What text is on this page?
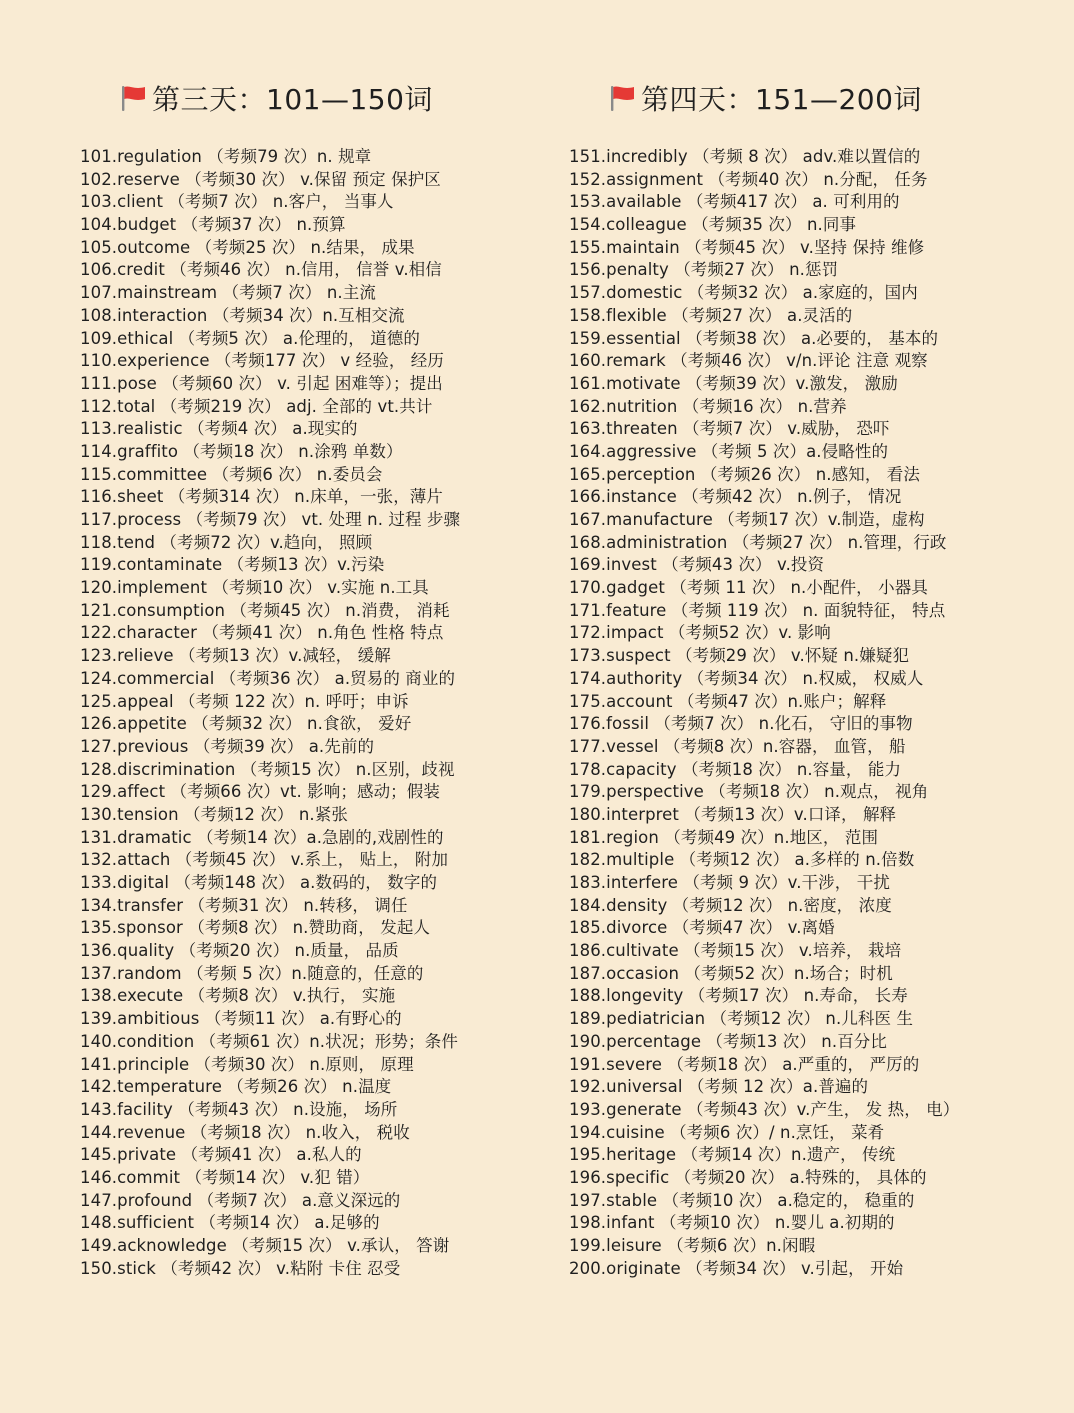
第三天：101—150词
101.regulation （考频79 次）n. 规章
102.reserve （考频30 次） v.保留 预定 保护区
103.client （考频7 次） n.客户， 当事人
104.budget （考频37 次） n.预算
105.outcome （考频25 次） n.结果， 成果
106.credit （考频46 次） n.信用， 信誉 v.相信
107.mainstream （考频7 次） n.主流
108.interaction （考频34 次）n.互相交流
109.ethical （考频5 次） a.伦理的， 道德的
110.experience （考频177 次） v 经验， 经历
111.pose （考频60 次） v. 引起 困难等）；提出
112.total （考频219 次） adj. 全部的 vt.共计
113.realistic （考频4 次） a.现实的
114.graffito （考频18 次） n.涂鸦 单数）
115.committee （考频6 次） n.委员会
116.sheet （考频314 次） n.床单，一张，薄片
117.process （考频79 次） vt. 处理 n. 过程 步骤
118.tend （考频72 次）v.趋向， 照顾
119.contaminate （考频13 次）v.污染
120.implement （考频10 次） v.实施 n.工具
121.consumption （考频45 次） n.消费， 消耗
122.character （考频41 次） n.角色 性格 特点
123.relieve （考频13 次）v.减轻， 缓解
124.commercial （考频36 次） a.贸易的 商业的
125.appeal （考频 122 次）n. 呼吁；申诉
126.appetite （考频32 次） n.食欲， 爱好
127.previous （考频39 次） a.先前的
128.discrimination （考频15 次） n.区别，歧视
129.affect （考频66 次）vt. 影响；感动；假装
130.tension （考频12 次） n.紧张
131.dramatic （考频14 次）a.急剧的,戏剧性的
132.attach （考频45 次） v.系上， 贴上， 附加
133.digital （考频148 次） a.数码的， 数字的
134.transfer （考频31 次） n.转移， 调任
135.sponsor （考频8 次） n.赞助商， 发起人
136.quality （考频20 次） n.质量， 品质
137.random （考频 5 次）n.随意的，任意的
138.execute （考频8 次） v.执行， 实施
139.ambitious （考频11 次） a.有野心的
140.condition （考频61 次）n.状况；形势；条件
141.principle （考频30 次） n.原则， 原理
142.temperature （考频26 次） n.温度
143.facility （考频43 次） n.设施， 场所
144.revenue （考频18 次） n.收入， 税收
145.private （考频41 次） a.私人的
146.commit （考频14 次） v.犯 错）
147.profound （考频7 次） a.意义深远的
148.sufficient （考频14 次） a.足够的
149.acknowledge （考频15 次） v.承认， 答谢
150.stick （考频42 次） v.粘附 卡住 忍受
第四天：151—200词
151.incredibly （考频 8 次） adv.难以置信的
152.assignment （考频40 次） n.分配， 任务
153.available （考频417 次） a. 可利用的
154.colleague （考频35 次） n.同事
155.maintain （考频45 次） v.坚持 保持 维修
156.penalty （考频27 次） n.惩罚
157.domestic （考频32 次） a.家庭的，国内
158.flexible （考频27 次） a.灵活的
159.essential （考频38 次） a.必要的， 基本的
160.remark （考频46 次） v/n.评论 注意 观察
161.motivate （考频39 次）v.激发， 激励
162.nutrition （考频16 次） n.营养
163.threaten （考频7 次） v.威胁， 恐吓
164.aggressive （考频 5 次）a.侵略性的
165.perception （考频26 次） n.感知， 看法
166.instance （考频42 次） n.例子， 情况
167.manufacture （考频17 次）v.制造，虚构
168.administration （考频27 次） n.管理，行政
169.invest （考频43 次） v.投资
170.gadget （考频 11 次） n.小配件， 小器具
171.feature （考频 119 次） n. 面貌特征， 特点
172.impact （考频52 次）v. 影响
173.suspect （考频29 次） v.怀疑 n.嫌疑犯
174.authority （考频34 次） n.权威， 权威人
175.account （考频47 次）n.账户；解释
176.fossil （考频7 次） n.化石， 守旧的事物
177.vessel （考频8 次）n.容器， 血管， 船
178.capacity （考频18 次） n.容量， 能力
179.perspective （考频18 次） n.观点， 视角
180.interpret （考频13 次）v.口译， 解释
181.region （考频49 次）n.地区， 范围
182.multiple （考频12 次） a.多样的 n.倍数
183.interfere （考频 9 次）v.干涉， 干扰
184.density （考频12 次） n.密度， 浓度
185.divorce （考频47 次） v.离婚
186.cultivate （考频15 次） v.培养， 栽培
187.occasion （考频52 次）n.场合；时机
188.longevity （考频17 次） n.寿命， 长寿
189.pediatrician （考频12 次） n.儿科医 生
190.percentage （考频13 次） n.百分比
191.severe （考频18 次） a.严重的， 严厉的
192.universal （考频 12 次）a.普遍的
193.generate （考频43 次）v.产生， 发 热， 电）
194.cuisine （考频6 次）/ n.烹饪， 菜肴
195.heritage （考频14 次）n.遗产， 传统
196.specific （考频20 次） a.特殊的， 具体的
197.stable （考频10 次） a.稳定的， 稳重的
198.infant （考频10 次） n.婴儿 a.初期的
199.leisure （考频6 次）n.闲暇
200.originate （考频34 次） v.引起， 开始
